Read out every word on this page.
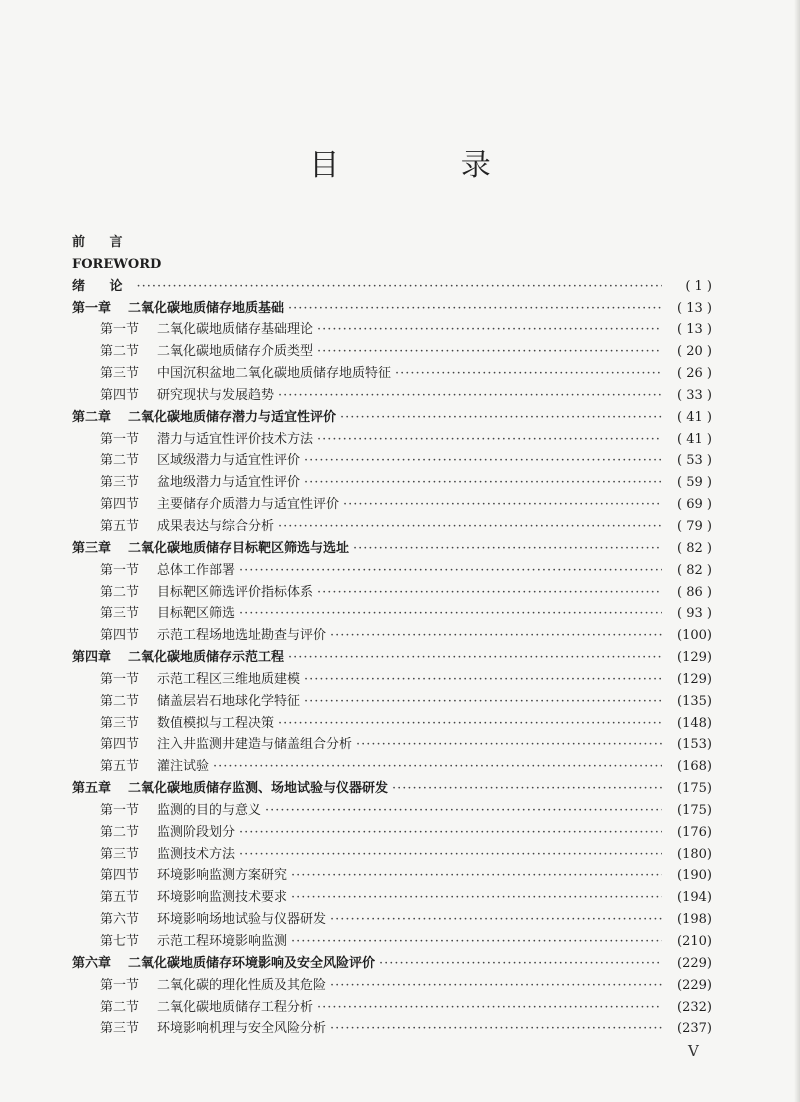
目 录
前 言
FOREWORD
绪 论 ·····	( 1 )
第一章	二氧化碳地质储存地质基础 ·····	( 13 )
第一节	二氧化碳地质储存基础理论 ·····	( 13 )
第二节	二氧化碳地质储存介质类型 ·····	( 20 )
第三节	中国沉积盆地二氧化碳地质储存地质特征 ·····	( 26 )
第四节	研究现状与发展趋势 ·····	( 33 )
第二章	二氧化碳地质储存潜力与适宜性评价 ·····	( 41 )
第一节	潜力与适宜性评价技术方法 ·····	( 41 )
第二节	区域级潜力与适宜性评价 ·····	( 53 )
第三节	盆地级潜力与适宜性评价 ·····	( 59 )
第四节	主要储存介质潜力与适宜性评价 ·····	( 69 )
第五节	成果表达与综合分析 ·····	( 79 )
第三章	二氧化碳地质储存目标靶区筛选与选址 ·····	( 82 )
第一节	总体工作部署 ·····	( 82 )
第二节	目标靶区筛选评价指标体系 ·····	( 86 )
第三节	目标靶区筛选 ·····	( 93 )
第四节	示范工程场地选址勘查与评价 ·····	(100)
第四章	二氧化碳地质储存示范工程 ·····	(129)
第一节	示范工程区三维地质建模 ·····	(129)
第二节	储盖层岩石地球化学特征 ·····	(135)
第三节	数值模拟与工程决策 ·····	(148)
第四节	注入井监测井建造与储盖组合分析 ·····	(153)
第五节	灌注试验 ·····	(168)
第五章	二氧化碳地质储存监测、场地试验与仪器研发 ·····	(175)
第一节	监测的目的与意义 ·····	(175)
第二节	监测阶段划分 ·····	(176)
第三节	监测技术方法 ·····	(180)
第四节	环境影响监测方案研究 ·····	(190)
第五节	环境影响监测技术要求 ·····	(194)
第六节	环境影响场地试验与仪器研发 ·····	(198)
第七节	示范工程环境影响监测 ·····	(210)
第六章	二氧化碳地质储存环境影响及安全风险评价 ·····	(229)
第一节	二氧化碳的理化性质及其危险 ·····	(229)
第二节	二氧化碳地质储存工程分析 ·····	(232)
第三节	环境影响机理与安全风险分析 ·····	(237)
V
